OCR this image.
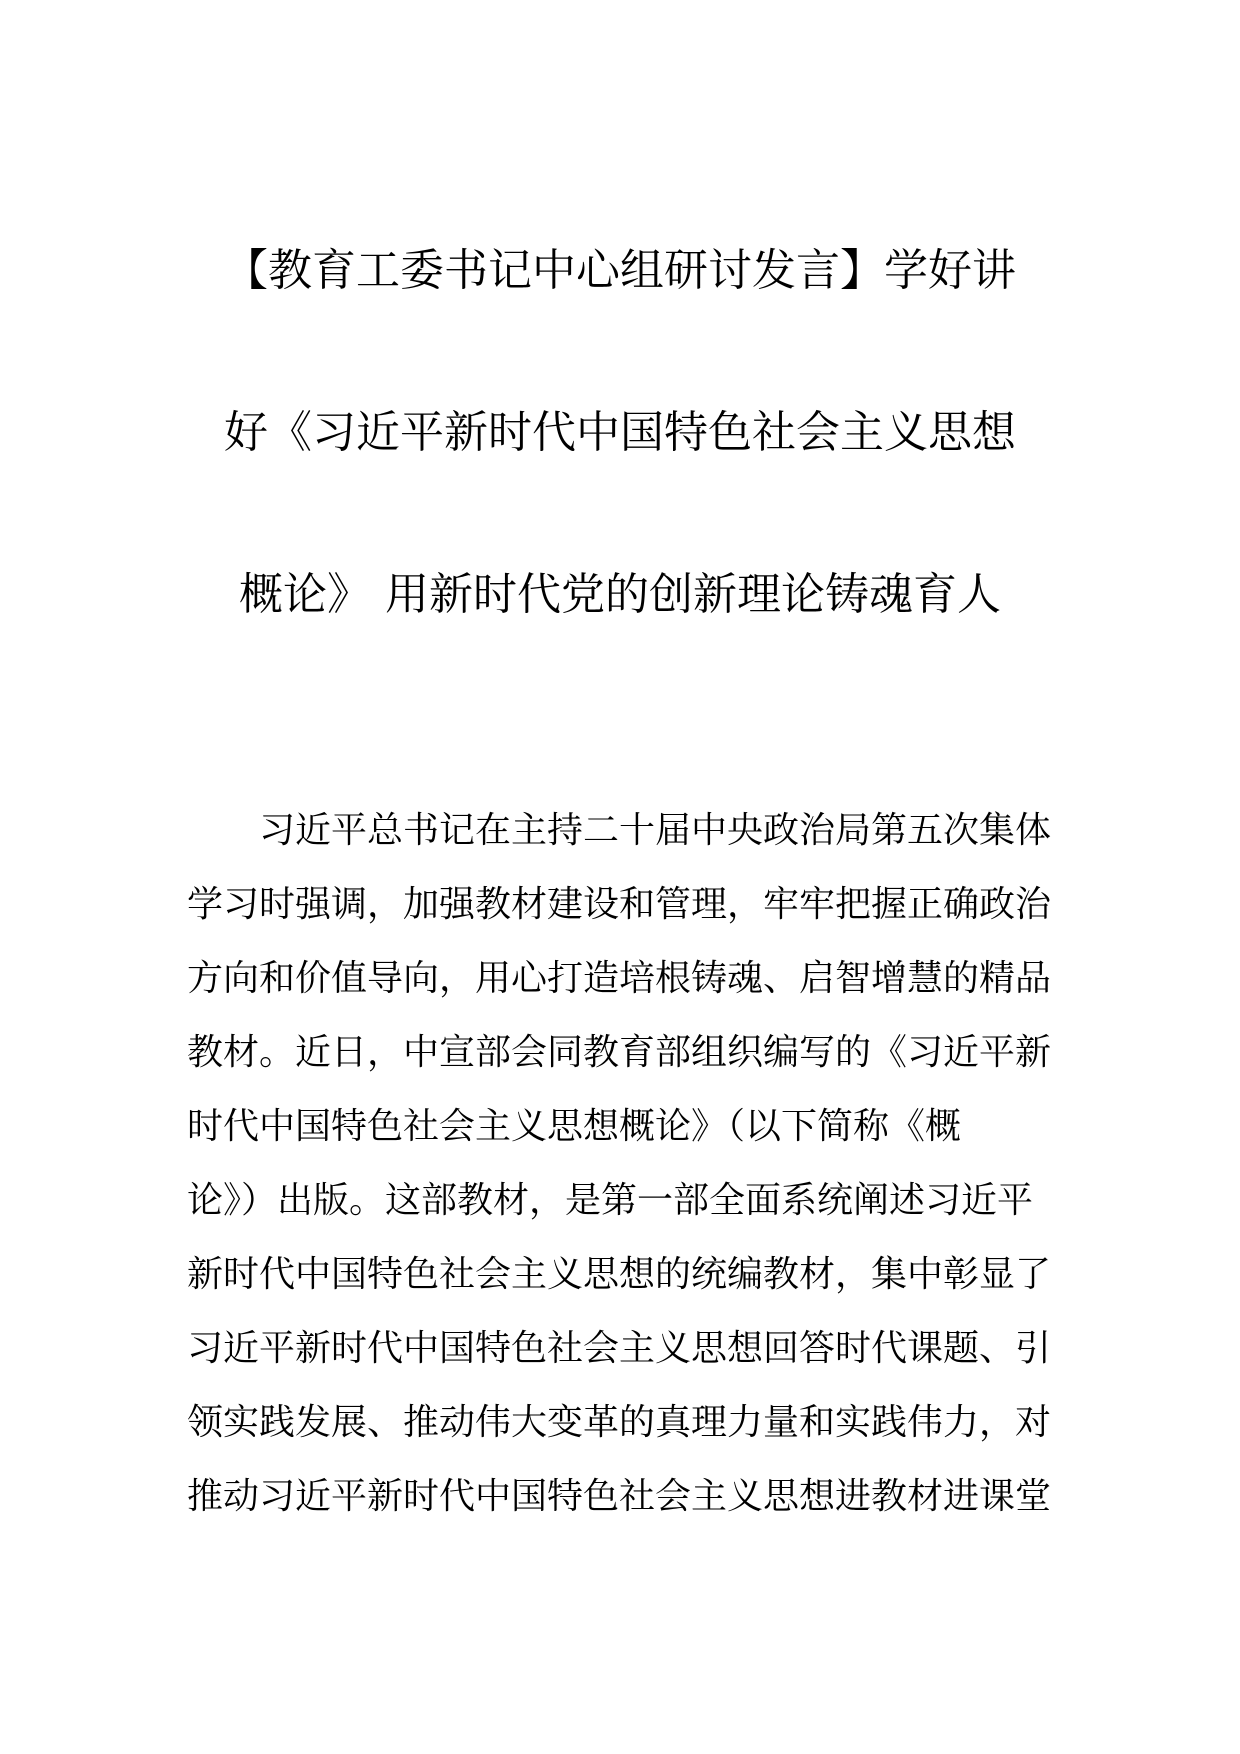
【教育工委书记中心组研讨发言】学好讲
好《习近平新时代中国特色社会主义思想
概论》 用新时代党的创新理论铸魂育人
习近平总书记在主持二十届中央政治局第五次集体
学习时强调，加强教材建设和管理，牢牢把握正确政治
方向和价值导向，用心打造培根铸魂、启智增慧的精品
教材。近日，中宣部会同教育部组织编写的《习近平新
时代中国特色社会主义思想概论》（以下简称《概
论》）出版。这部教材，是第一部全面系统阐述习近平
新时代中国特色社会主义思想的统编教材，集中彰显了
习近平新时代中国特色社会主义思想回答时代课题、引
领实践发展、推动伟大变革的真理力量和实践伟力，对
推动习近平新时代中国特色社会主义思想进教材进课堂
